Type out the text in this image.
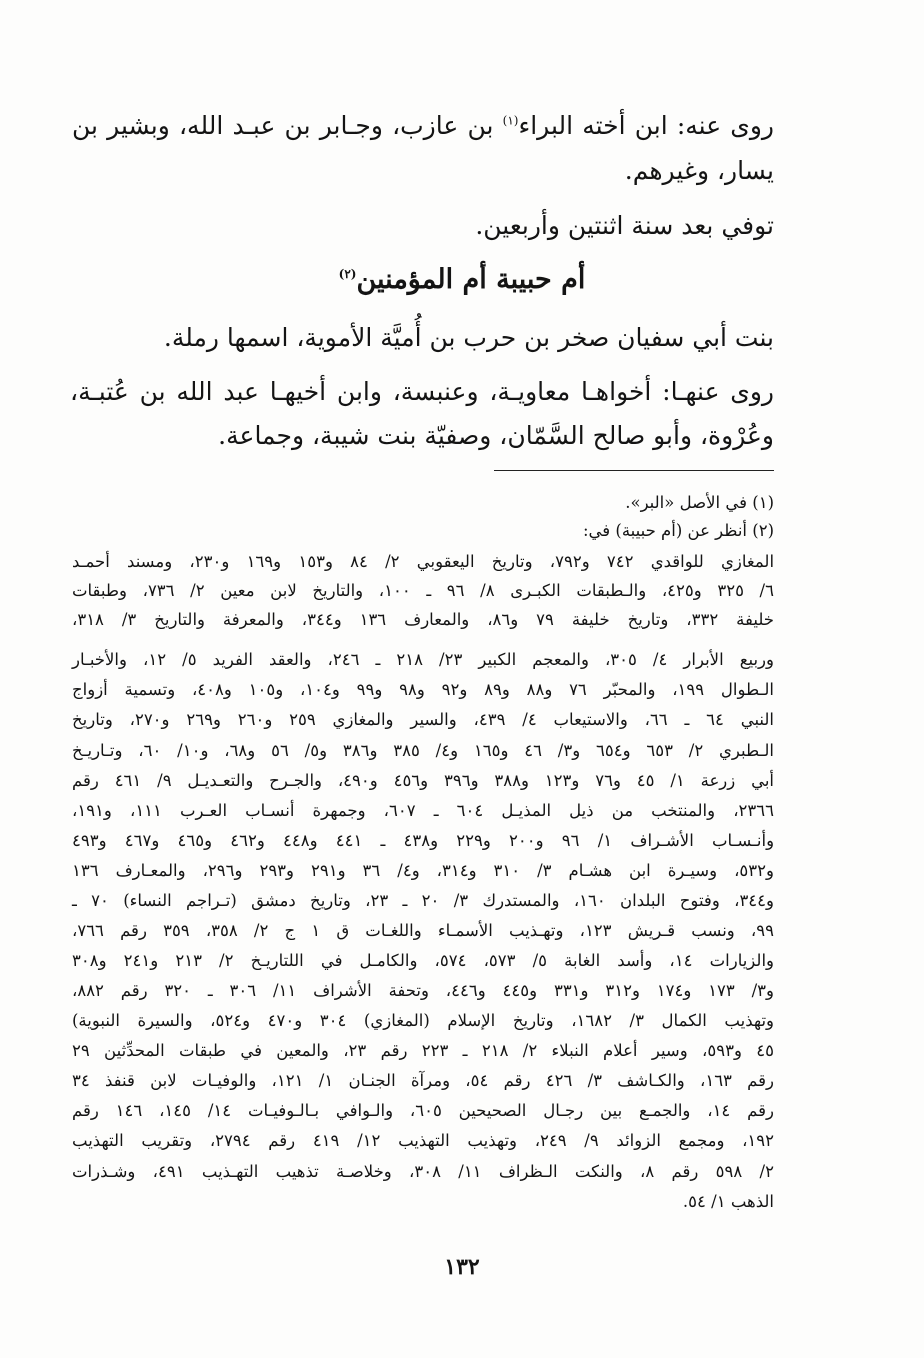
روى عنه: ابن أخته البراء$^{(١)}$ بن عازب، وجـابر بن عبـد الله، وبشير بن
يسار، وغيرهم.
توفي بعد سنة اثنتين وأربعين.
أم حبيبة أم المؤمنين$^{(٢)}$
بنت أبي سفيان صخر بن حرب بن أُميَّة الأموية، اسمها رملة.
روى عنهـا: أخواهـا معاويـة، وعنبسة، وابن أخيهـا عبد الله بن عُتبـة،
وعُرْوة، وأبو صالح السَّمّان، وصفيّة بنت شيبة، وجماعة.
(١) في الأصل «البر».
(٢) أنظر عن (أم حبيبة) في:
المغازي للواقدي ٧٤٢ و٧٩٢، وتاريخ اليعقوبي ٢/ ٨٤ و١٥٣ و١٦٩ و٢٣٠، ومسند أحمـد
٦/ ٣٢٥ و٤٢٥، والـطبقات الكبـرى ٨/ ٩٦ ـ ١٠٠، والتاريخ لابن معين ٢/ ٧٣٦، وطبقات
خليفة ٣٣٢، وتاريخ خليفة ٧٩ و٨٦، والمعارف ١٣٦ و٣٤٤، والمعرفة والتاريخ ٣/ ٣١٨،
وربيع الأبرار ٤/ ٣٠٥، والمعجم الكبير ٢٣/ ٢١٨ ـ ٢٤٦، والعقد الفريد ٥/ ١٢، والأخبـار
الـطوال ١٩٩، والمحبّر ٧٦ و٨٨ و٨٩ و٩٢ و٩٨ و٩٩ و١٠٤، و١٠٥ و٤٠٨، وتسمية أزواج
النبي ٦٤ ـ ٦٦، والاستيعاب ٤/ ٤٣٩، والسير والمغازي ٢٥٩ و٢٦٠ و٢٦٩ و٢٧٠، وتاريخ
الـطبري ٢/ ٦٥٣ و٦٥٤ و٣/ ٤٦ و١٦٥ و٤/ ٣٨٥ و٣٨٦ و٥/ ٥٦ و٦٨، و١٠/ ٦٠، وتـاريـخ
أبي زرعة ١/ ٤٥ و٧٦ و١٢٣ و٣٨٨ و٣٩٦ و٤٥٦ و٤٩٠، والجـرح والتعـديـل ٩/ ٤٦١ رقم
٢٣٦٦، والمنتخب من ذيل المذيـل ٦٠٤ ـ ٦٠٧، وجمهرة أنسـاب العـرب ١١١، و١٩١،
وأنـسـاب الأشـراف ١/ ٩٦ و٢٠٠ و٢٢٩ و٤٣٨ ـ ٤٤١ و٤٤٨ و٤٦٢ و٤٦٥ و٤٦٧ و٤٩٣
و٥٣٢، وسيـرة ابن هشـام ٣/ ٣١٠ و٣١٤، و٤/ ٣٦ و٢٩١ و٢٩٣ و٢٩٦، والمعـارف ١٣٦
و٣٤٤، وفتوح البلدان ١٦٠، والمستدرك ٣/ ٢٠ ـ ٢٣، وتاريخ دمشق (تـراجم النساء) ٧٠ ـ
٩٩، ونسب قـريش ١٢٣، وتهـذيب الأسمـاء واللغـات ق ١ ج ٢/ ٣٥٨، ٣٥٩ رقم ٧٦٦،
والزيارات ١٤، وأسد الغابة ٥/ ٥٧٣، ٥٧٤، والكامـل في اللتاريـخ ٢/ ٢١٣ و٢٤١ و٣٠٨
و٣/ ١٧٣ و١٧٤ و٣١٢ و٣٣١ و٤٤٥ و٤٤٦، وتحفة الأشراف ١١/ ٣٠٦ ـ ٣٢٠ رقم ٨٨٢،
وتهذيب الكمال ٣/ ١٦٨٢، وتاريخ الإسلام (المغازي) ٣٠٤ و٤٧٠ و٥٢٤، والسيرة النبوية)
٤٥ و٥٩٣، وسير أعلام النبلاء ٢/ ٢١٨ ـ ٢٢٣ رقم ٢٣، والمعين في طبقات المحدِّثين ٢٩
رقم ١٦٣، والكـاشف ٣/ ٤٢٦ رقم ٥٤، ومرآة الجنـان ١/ ١٢١، والوفيـات لابن قنفذ ٣٤
رقم ١٤، والجمـع بين رجـال الصحيحين ٦٠٥، والـوافي بـالـوفيـات ١٤/ ١٤٥، ١٤٦ رقم
١٩٢، ومجمع الزوائد ٩/ ٢٤٩، وتهذيب التهذيب ١٢/ ٤١٩ رقم ٢٧٩٤، وتقريب التهذيب
٢/ ٥٩٨ رقم ٨، والنكت الـظراف ١١/ ٣٠٨، وخلاصـة تذهيب التهـذيب ٤٩١، وشـذرات
الذهب ١/ ٥٤.
١٣٢
